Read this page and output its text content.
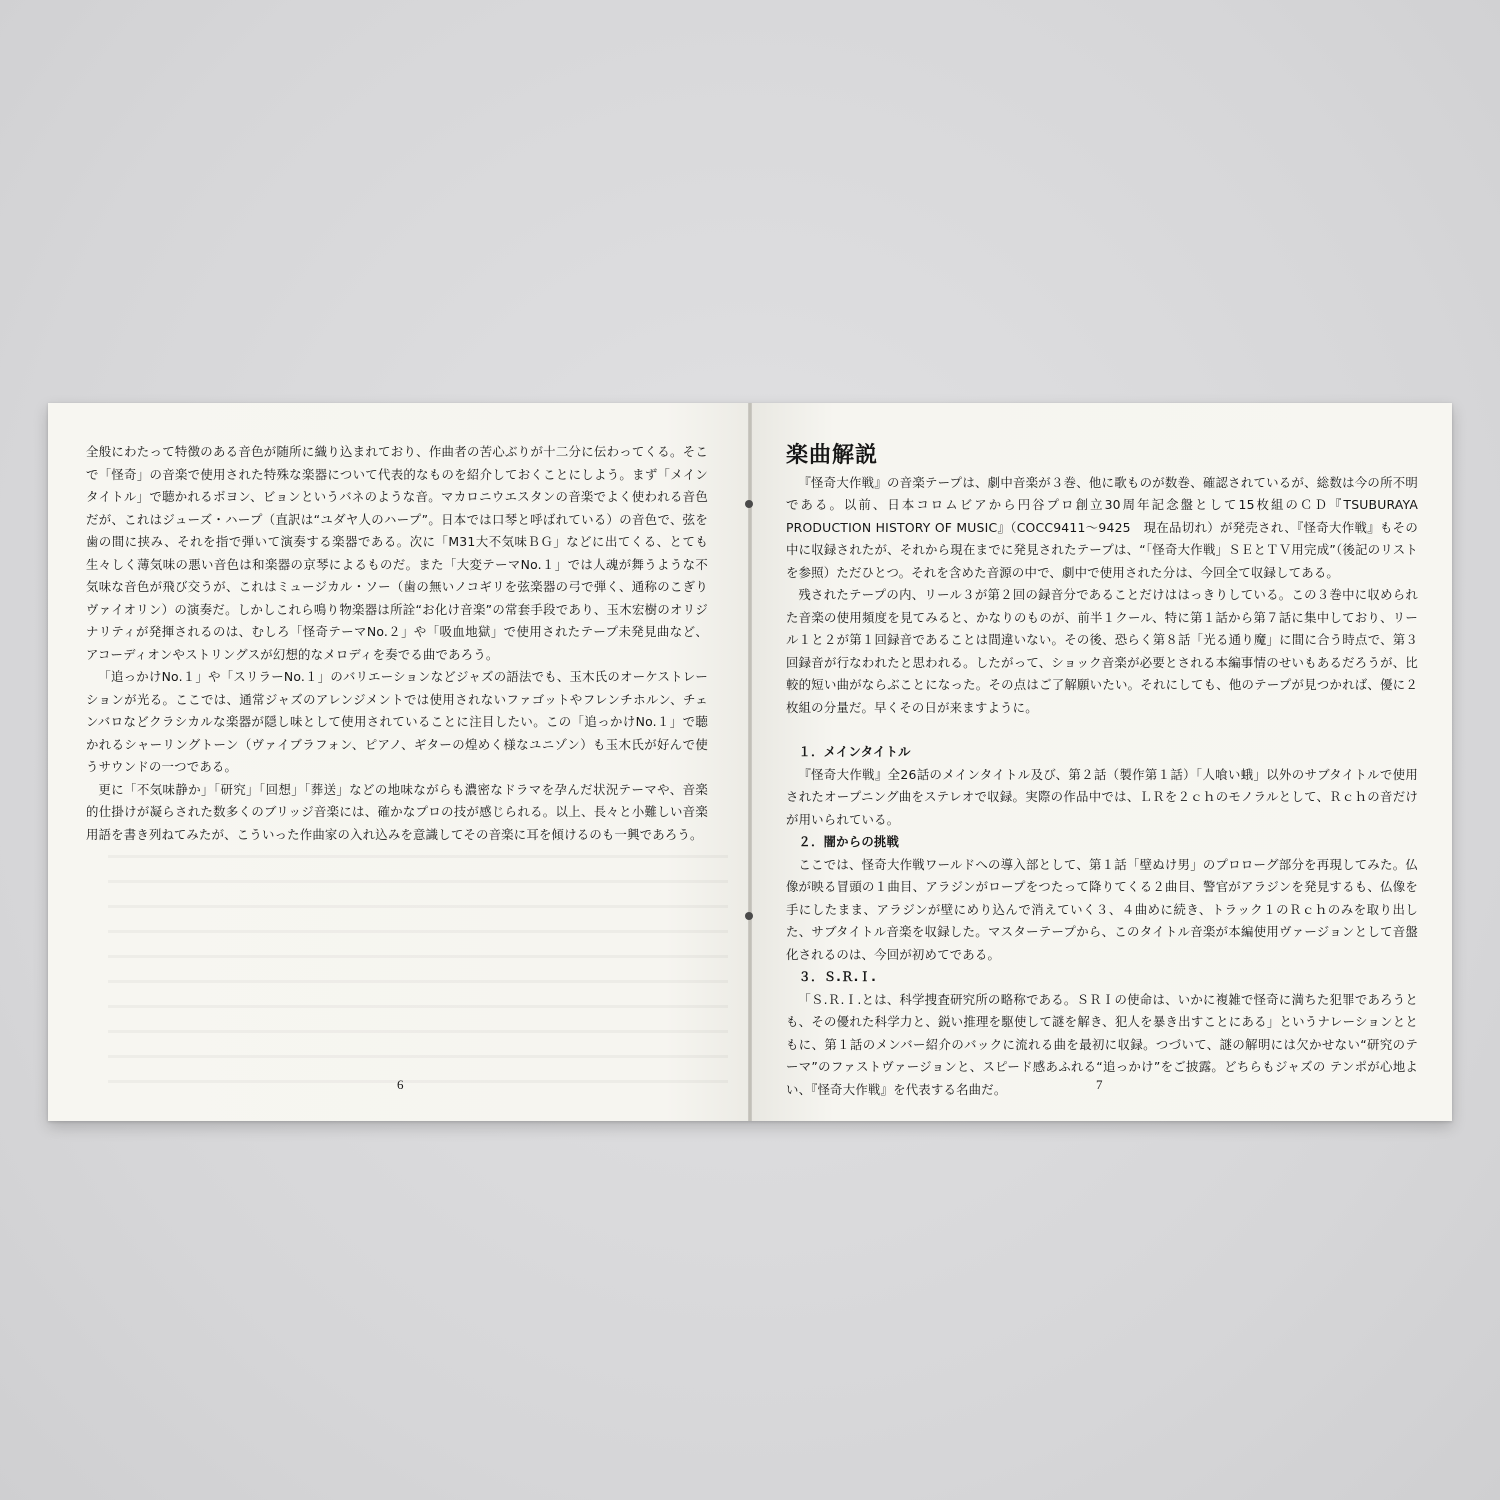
全般にわたって特徴のある音色が随所に織り込まれており、作曲者の苦心ぶりが十二分に伝わってくる。そこで「怪奇」の音楽で使用された特殊な楽器について代表的なものを紹介しておくことにしよう。まず「メインタイトル」で聴かれるボヨン、ビョンというバネのような音。マカロニウエスタンの音楽でよく使われる音色だが、これはジューズ・ハープ（直訳は“ユダヤ人のハープ”。日本では口琴と呼ばれている）の音色で、弦を歯の間に挟み、それを指で弾いて演奏する楽器である。次に「M31大不気味ＢＧ」などに出てくる、とても生々しく薄気味の悪い音色は和楽器の京琴によるものだ。また「大変テーマNo.１」では人魂が舞うような不気味な音色が飛び交うが、これはミュージカル・ソー（歯の無いノコギリを弦楽器の弓で弾く、通称のこぎりヴァイオリン）の演奏だ。しかしこれら鳴り物楽器は所詮“お化け音楽”の常套手段であり、玉木宏樹のオリジナリティが発揮されるのは、むしろ「怪奇テーマNo.２」や「吸血地獄」で使用されたテープ未発見曲など、アコーディオンやストリングスが幻想的なメロディを奏でる曲であろう。

「追っかけNo.１」や「スリラーNo.１」のバリエーションなどジャズの語法でも、玉木氏のオーケストレーションが光る。ここでは、通常ジャズのアレンジメントでは使用されないファゴットやフレンチホルン、チェンバロなどクラシカルな楽器が隠し味として使用されていることに注目したい。この「追っかけNo.１」で聴かれるシャーリングトーン（ヴァイブラフォン、ピアノ、ギターの煌めく様なユニゾン）も玉木氏が好んで使うサウンドの一つである。

更に「不気味静か」「研究」「回想」「葬送」などの地味ながらも濃密なドラマを孕んだ状況テーマや、音楽的仕掛けが凝らされた数多くのブリッジ音楽には、確かなプロの技が感じられる。以上、長々と小難しい音楽用語を書き列ねてみたが、こういった作曲家の入れ込みを意識してその音楽に耳を傾けるのも一興であろう。

6
楽曲解説

『怪奇大作戦』の音楽テープは、劇中音楽が３巻、他に歌ものが数巻、確認されているが、総数は今の所不明である。以前、日本コロムビアから円谷プロ創立30周年記念盤として15枚組のＣＤ『TSUBURAYA PRODUCTION HISTORY OF MUSIC』（COCC9411～9425　現在品切れ）が発売され、『怪奇大作戦』もその中に収録されたが、それから現在までに発見されたテープは、“「怪奇大作戦」ＳＥとＴＶ用完成”（後記のリストを参照）ただひとつ。それを含めた音源の中で、劇中で使用された分は、今回全て収録してある。

残されたテープの内、リール３が第２回の録音分であることだけははっきりしている。この３巻中に収められた音楽の使用頻度を見てみると、かなりのものが、前半１クール、特に第１話から第７話に集中しており、リール１と２が第１回録音であることは間違いない。その後、恐らく第８話「光る通り魔」に間に合う時点で、第３回録音が行なわれたと思われる。したがって、ショック音楽が必要とされる本編事情のせいもあるだろうが、比較的短い曲がならぶことになった。その点はご了解願いたい。それにしても、他のテープが見つかれば、優に２枚組の分量だ。早くその日が来ますように。

１．メインタイトル

『怪奇大作戦』全26話のメインタイトル及び、第２話（製作第１話）「人喰い蛾」以外のサブタイトルで使用されたオープニング曲をステレオで収録。実際の作品中では、ＬＲを２ｃｈのモノラルとして、Ｒｃｈの音だけが用いられている。

２．闇からの挑戦

ここでは、怪奇大作戦ワールドへの導入部として、第１話「壁ぬけ男」のプロローグ部分を再現してみた。仏像が映る冒頭の１曲目、アラジンがロープをつたって降りてくる２曲目、警官がアラジンを発見するも、仏像を手にしたまま、アラジンが壁にめり込んで消えていく３、４曲めに続き、トラック１のＲｃｈのみを取り出した、サブタイトル音楽を収録した。マスターテープから、このタイトル音楽が本編使用ヴァージョンとして音盤化されるのは、今回が初めてである。

３．Ｓ.Ｒ.Ｉ.

「Ｓ.Ｒ.Ｉ.とは、科学捜査研究所の略称である。ＳＲＩの使命は、いかに複雑で怪奇に満ちた犯罪であろうとも、その優れた科学力と、鋭い推理を駆使して謎を解き、犯人を暴き出すことにある」というナレーションとともに、第１話のメンバー紹介のバックに流れる曲を最初に収録。つづいて、謎の解明には欠かせない“研究のテーマ”のファストヴァージョンと、スピード感あふれる“追っかけ”をご披露。どちらもジャズの テンポが心地よい、『怪奇大作戦』を代表する名曲だ。	7
